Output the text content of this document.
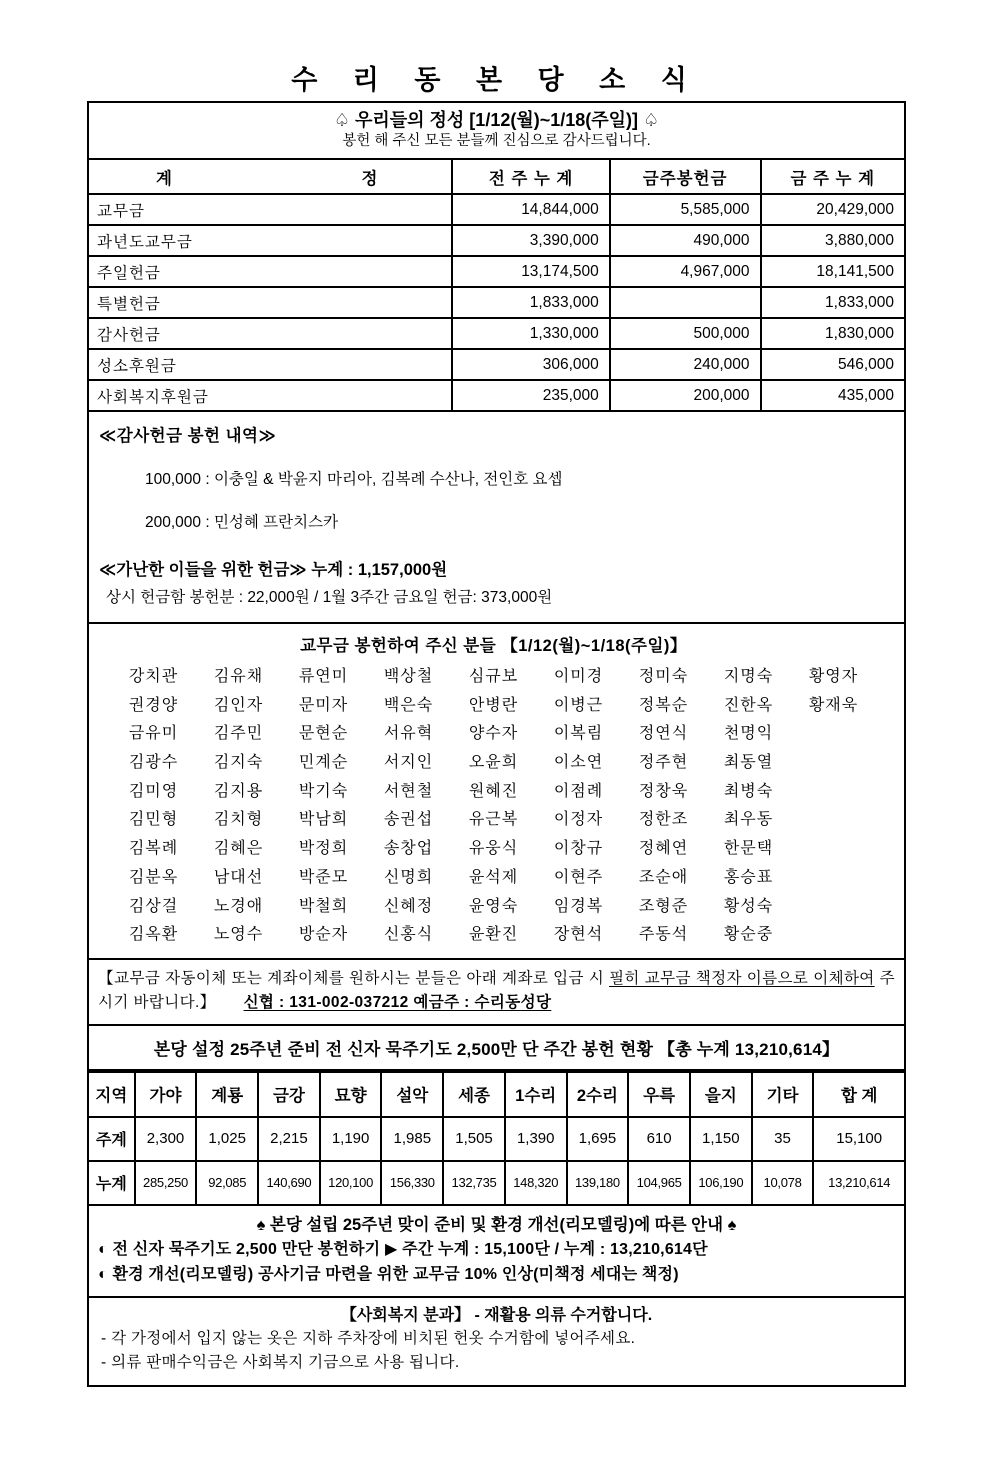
수 리 동 본 당 소 식
♤ 우리들의 정성 [1/12(월)~1/18(주일)] ♤
봉헌 해 주신 모든 분들께 진심으로 감사드립니다.
계 정	전 주 누 계	금주봉헌금	금 주 누 계
교무금	14,844,000	5,585,000	20,429,000
과년도교무금	3,390,000	490,000	3,880,000
주일헌금	13,174,500	4,967,000	18,141,500
특별헌금	1,833,000		1,833,000
감사헌금	1,330,000	500,000	1,830,000
성소후원금	306,000	240,000	546,000
사회복지후원금	235,000	200,000	435,000
≪감사헌금 봉헌 내역≫
100,000 : 이충일 & 박윤지 마리아, 김복례 수산나, 전인호 요셉
200,000 : 민성혜 프란치스카
≪가난한 이들을 위한 헌금≫ 누계 : 1,157,000원
상시 헌금함 봉헌분 : 22,000원 / 1월 3주간 금요일 헌금: 373,000원
교무금 봉헌하여 주신 분들 【1/12(월)~1/18(주일)】
강치관	김유채	류연미	백상철	심규보	이미경	정미숙	지명숙	황영자
권경양	김인자	문미자	백은숙	안병란	이병근	정복순	진한옥	황재욱
금유미	김주민	문현순	서유혁	양수자	이복림	정연식	천명익
김광수	김지숙	민계순	서지인	오윤희	이소연	정주현	최동열
김미영	김지용	박기숙	서현철	원혜진	이점례	정창욱	최병숙
김민형	김치형	박남희	송권섭	유근복	이정자	정한조	최우동
김복례	김혜은	박정희	송창업	유웅식	이창규	정혜연	한문택
김분옥	남대선	박준모	신명희	윤석제	이현주	조순애	홍승표
김상걸	노경애	박철희	신혜정	윤영숙	임경복	조형준	황성숙
김옥환	노영수	방순자	신홍식	윤환진	장현석	주동석	황순중
【교무금 자동이체 또는 계좌이체를 원하시는 분들은 아래 계좌로 입금 시 필히 교무금 책정자 이름으로 이체하여 주시기 바랍니다.】 신협 : 131-002-037212 예금주 : 수리동성당
본당 설정 25주년 준비 전 신자 묵주기도 2,500만 단 주간 봉헌 현황 【총 누계 13,210,614】
지역	가야	계룡	금강	묘향	설악	세종	1수리	2수리	우륵	을지	기타	합 계
주계	2,300	1,025	2,215	1,190	1,985	1,505	1,390	1,695	610	1,150	35	15,100
누계	285,250	92,085	140,690	120,100	156,330	132,735	148,320	139,180	104,965	106,190	10,078	13,210,614
♠ 본당 설립 25주년 맞이 준비 및 환경 개선(리모델링)에 따른 안내 ♠
◐ 전 신자 묵주기도 2,500 만단 봉헌하기 ▶ 주간 누계 : 15,100단 / 누계 : 13,210,614단
◐ 환경 개선(리모델링) 공사기금 마련을 위한 교무금 10% 인상(미책정 세대는 책정)
【사회복지 분과】 - 재활용 의류 수거합니다.
- 각 가정에서 입지 않는 옷은 지하 주차장에 비치된 헌옷 수거함에 넣어주세요.
- 의류 판매수익금은 사회복지 기금으로 사용 됩니다.
